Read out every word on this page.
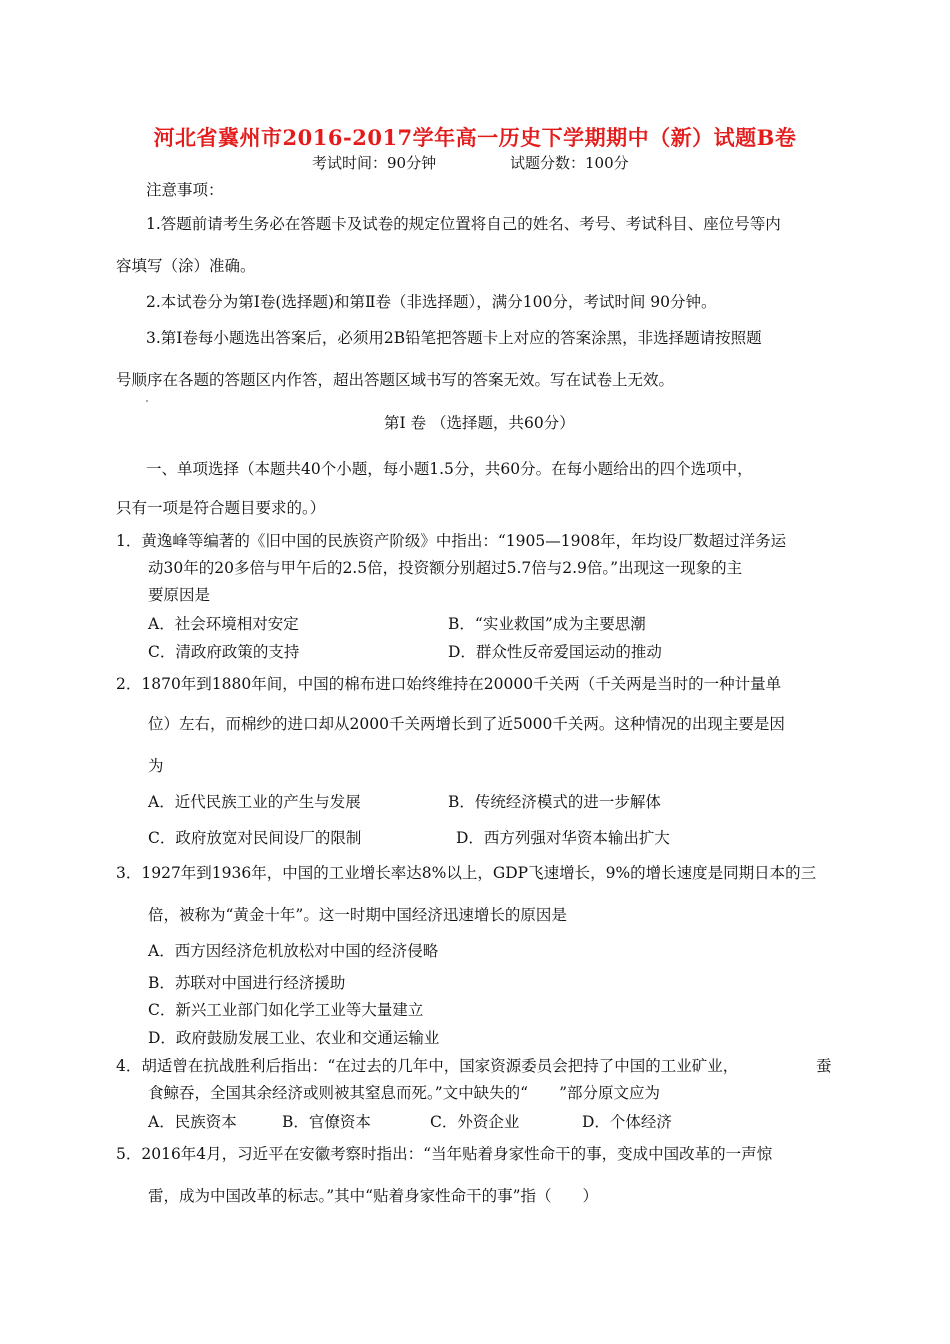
河北省冀州市2016-2017学年高一历史下学期期中（新）试题B卷
考试时间：90分钟	试题分数：100分
注意事项：
1.答题前请考生务必在答题卡及试卷的规定位置将自己的姓名、考号、考试科目、座位号等内
容填写（涂）准确。
2.本试卷分为第Ⅰ卷(选择题)和第Ⅱ卷（非选择题），满分100分，考试时间 90分钟。
3.第Ⅰ卷每小题选出答案后，必须用2B铅笔把答题卡上对应的答案涂黑，非选择题请按照题
号顺序在各题的答题区内作答，超出答题区域书写的答案无效。写在试卷上无效。
第Ⅰ 卷 （选择题，共60分）
一、单项选择（本题共40个小题，每小题1.5分，共60分。在每小题给出的四个选项中，
只有一项是符合题目要求的。）
1．黄逸峰等编著的《旧中国的民族资产阶级》中指出：“1905—1908年，年均设厂数超过洋务运
动30年的20多倍与甲午后的2.5倍，投资额分别超过5.7倍与2.9倍。”出现这一现象的主
要原因是
A．社会环境相对安定	B．“实业救国”成为主要思潮
C．清政府政策的支持	D．群众性反帝爱国运动的推动
2．1870年到1880年间，中国的棉布进口始终维持在20000千关两（千关两是当时的一种计量单
位）左右，而棉纱的进口却从2000千关两增长到了近5000千关两。这种情况的出现主要是因
为
A．近代民族工业的产生与发展	B．传统经济模式的进一步解体
C．政府放宽对民间设厂的限制	D．西方列强对华资本输出扩大
3．1927年到1936年，中国的工业增长率达8%以上，GDP飞速增长，9%的增长速度是同期日本的三
倍，被称为“黄金十年”。这一时期中国经济迅速增长的原因是
A．西方因经济危机放松对中国的经济侵略
B．苏联对中国进行经济援助
C．新兴工业部门如化学工业等大量建立
D．政府鼓励发展工业、农业和交通运输业
4．胡适曾在抗战胜利后指出：“在过去的几年中，国家资源委员会把持了中国的工业矿业，	蚕
食鲸吞，全国其余经济或则被其窒息而死。”文中缺失的“　　”部分原文应为
A．民族资本	B．官僚资本	C．外资企业	D．个体经济
5．2016年4月，习近平在安徽考察时指出：“当年贴着身家性命干的事，变成中国改革的一声惊
雷，成为中国改革的标志。”其中“贴着身家性命干的事”指（　　）
